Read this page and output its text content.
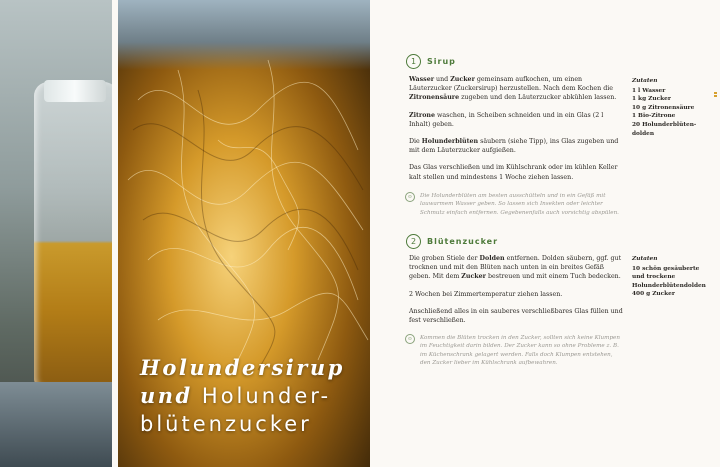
Holundersirup
und Holunder-
blütenzucker
1	Sirup

Wasser und Zucker gemeinsam aufkochen, um einen Läuterzucker (Zuckersirup) herzustellen. Nach dem Kochen die Zitronensäure zugeben und den Läuterzucker abkühlen lassen.

Zitrone waschen, in Scheiben schneiden und in ein Glas (2 l Inhalt) geben.

Die Holunderblüten säubern (siehe Tipp), ins Glas zugeben und mit dem Läuterzucker aufgießen.

Das Glas verschließen und im Kühlschrank oder im kühlen Keller kalt stellen und mindestens 1 Woche ziehen lassen.

⊙	Die Holunderblüten am besten ausschütteln und in ein Gefäß mit lauwarmem Wasser geben. So lassen sich Insekten oder leichter Schmutz einfach entfernen. Gegebenenfalls auch vorsichtig abspülen.
Zutaten
1 l Wasser
1 kg Zucker
10 g Zitronensäure
1 Bio-Zitrone
20 Holunderblüten-
dolden
2	Blütenzucker

Die groben Stiele der Dolden entfernen. Dolden säubern, ggf. gut trocknen und mit den Blüten nach unten in ein breites Gefäß geben. Mit dem Zucker bestreuen und mit einem Tuch bedecken.

2 Wochen bei Zimmertemperatur ziehen lassen.

Anschließend alles in ein sauberes verschließbares Glas füllen und fest verschließen.

⊙	Kommen die Blüten trocken in den Zucker, sollten sich keine Klumpen im Feuchtigkeit darin bilden. Der Zucker kann so ohne Probleme z. B. im Küchenschrank gelagert werden. Falls doch Klumpen entstehen, den Zucker lieber im Kühlschrank aufbewahren.
Zutaten
10 schön gesäuberte
und trockene
Holunderblütendolden
400 g Zucker
